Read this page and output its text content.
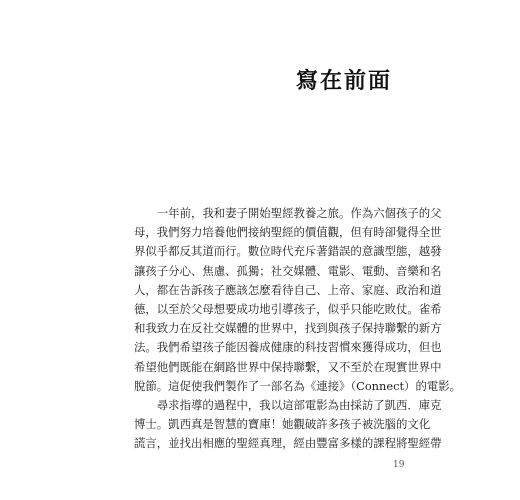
寫在前面
　　一年前，我和妻子開始聖經教養之旅。作為六個孩子的父
母，我們努力培養他們接納聖經的價值觀，但有時卻覺得全世
界似乎都反其道而行。數位時代充斥著錯誤的意識型態，越發
讓孩子分心、焦慮、孤獨；社交媒體、電影、電動、音樂和名
人，都在告訴孩子應該怎麼看待自己、上帝、家庭、政治和道
德，以至於父母想要成功地引導孩子，似乎只能吃敗仗。雀希
和我致力在反社交媒體的世界中，找到與孩子保持聯繫的新方
法。我們希望孩子能因養成健康的科技習慣來獲得成功，但也
希望他們既能在網路世界中保持聯繫，又不至於在現實世界中
脫節。這促使我們製作了一部名為《連接》（Connect）的電影。
　　尋求指導的過程中，我以這部電影為由採訪了凱西．庫克
博士。凱西真是智慧的寶庫！她觀破許多孩子被洗腦的文化
謊言，並找出相應的聖經真理，經由豐富多樣的課程將聖經帶
19
